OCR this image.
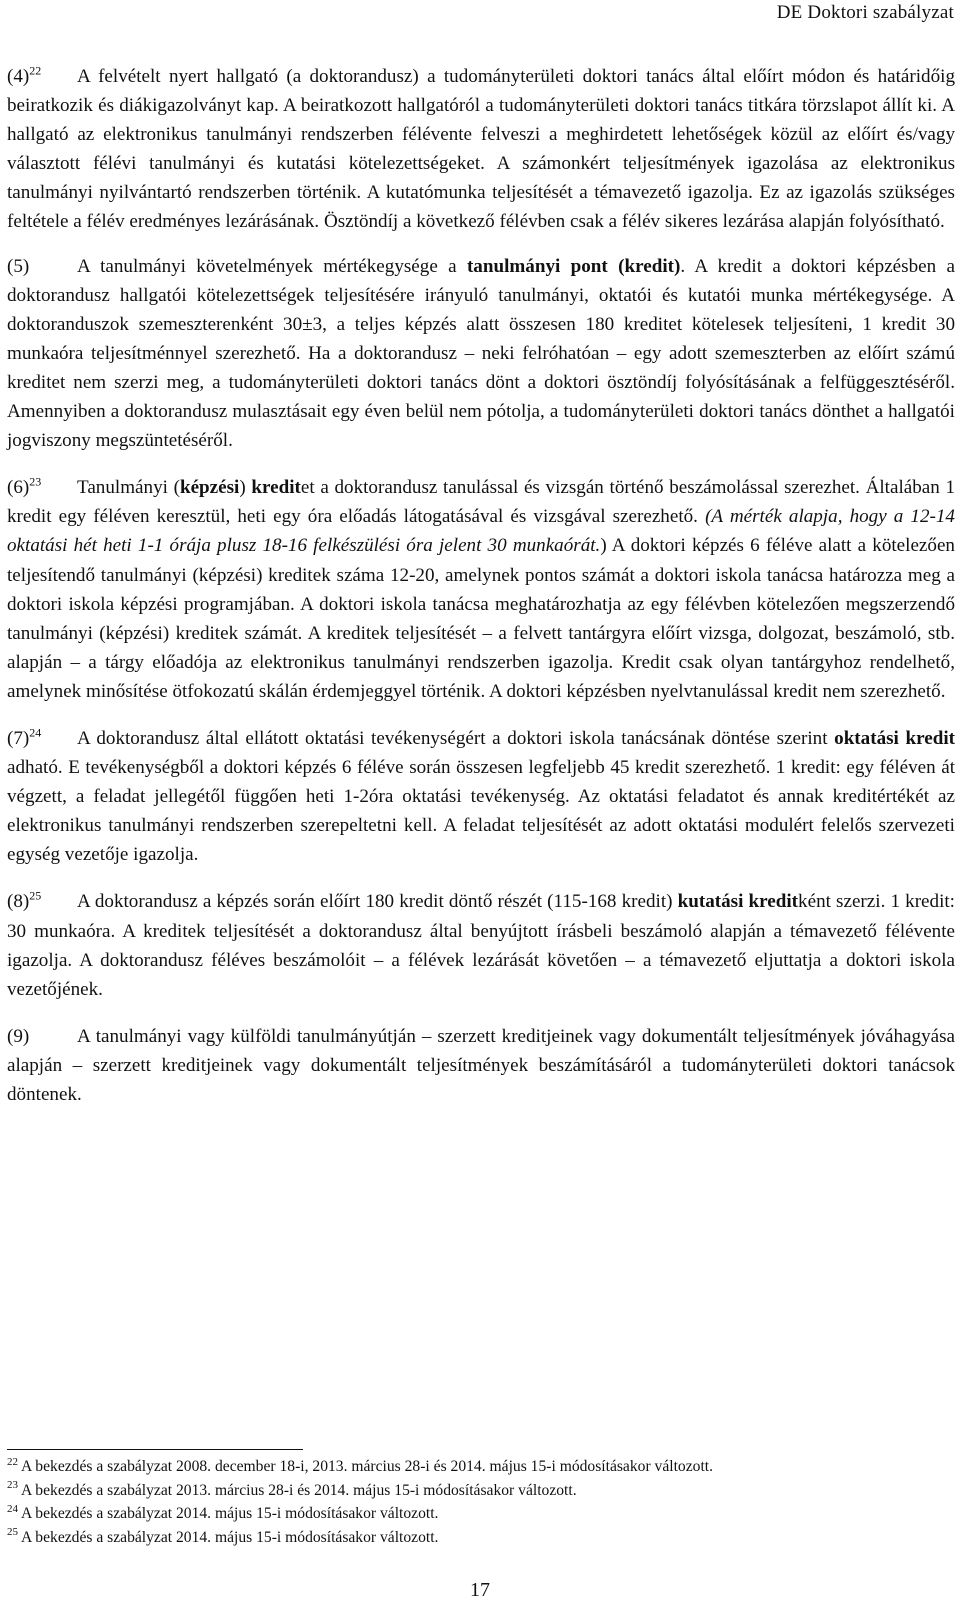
DE Doktori szabályzat

$(4)^{22}$ A felvételt nyert hallgató (a doktorandusz) a tudományterületi doktori tanács által előírt módon és határidőig beiratkozik és diákigazolványt kap. A beiratkozott hallgatóról a tudományterületi doktori tanács titkára törzslapot állít ki. A hallgató az elektronikus tanulmányi rendszerben félévente felveszi a meghirdetett lehetőségek közül az előírt és/vagy választott félévi tanulmányi és kutatási kötelezettségeket. A számonkért teljesítmények igazolása az elektronikus tanulmányi nyilvántartó rendszerben történik. A kutatómunka teljesítését a témavezető igazolja. Ez az igazolás szükséges feltétele a félév eredményes lezárásának. Ösztöndíj a következő félévben csak a félév sikeres lezárása alapján folyósítható.

(5) A tanulmányi követelmények mértékegysége a tanulmányi pont (kredit). A kredit a doktori képzésben a doktorandusz hallgatói kötelezettségek teljesítésére irányuló tanulmányi, oktatói és kutatói munka mértékegysége. A doktoranduszok szemeszterenként 30±3, a teljes képzés alatt összesen 180 kreditet kötelesek teljesíteni, 1 kredit 30 munkaóra teljesítménnyel szerezhető. Ha a doktorandusz – neki felróhatóan – egy adott szemeszterben az előírt számú kreditet nem szerzi meg, a tudományterületi doktori tanács dönt a doktori ösztöndíj folyósításának a felfüggesztéséről. Amennyiben a doktorandusz mulasztásait egy éven belül nem pótolja, a tudományterületi doktori tanács dönthet a hallgatói jogviszony megszüntetéséről.

$(6)^{23}$ Tanulmányi (képzési) kreditet a doktorandusz tanulással és vizsgán történő beszámolással szerezhet. Általában 1 kredit egy féléven keresztül, heti egy óra előadás látogatásával és vizsgával szerezhető. (A mérték alapja, hogy a 12-14 oktatási hét heti 1-1 órája plusz 18-16 felkészülési óra jelent 30 munkaórát.) A doktori képzés 6 féléve alatt a kötelezően teljesítendő tanulmányi (képzési) kreditek száma 12-20, amelynek pontos számát a doktori iskola tanácsa határozza meg a doktori iskola képzési programjában. A doktori iskola tanácsa meghatározhatja az egy félévben kötelezően megszerzendő tanulmányi (képzési) kreditek számát. A kreditek teljesítését – a felvett tantárgyra előírt vizsga, dolgozat, beszámoló, stb. alapján – a tárgy előadója az elektronikus tanulmányi rendszerben igazolja. Kredit csak olyan tantárgyhoz rendelhető, amelynek minősítése ötfokozatú skálán érdemjeggyel történik. A doktori képzésben nyelvtanulással kredit nem szerezhető.

$(7)^{24}$ A doktorandusz által ellátott oktatási tevékenységért a doktori iskola tanácsának döntése szerint oktatási kredit adható. E tevékenységből a doktori képzés 6 féléve során összesen legfeljebb 45 kredit szerezhető. 1 kredit: egy féléven át végzett, a feladat jellegétől függően heti 1-2óra oktatási tevékenység. Az oktatási feladatot és annak kreditértékét az elektronikus tanulmányi rendszerben szerepeltetni kell. A feladat teljesítését az adott oktatási modulért felelős szervezeti egység vezetője igazolja.

$(8)^{25}$ A doktorandusz a képzés során előírt 180 kredit döntő részét (115-168 kredit) kutatási kreditként szerzi. 1 kredit: 30 munkaóra. A kreditek teljesítését a doktorandusz által benyújtott írásbeli beszámoló alapján a témavezető félévente igazolja. A doktorandusz féléves beszámolóit – a félévek lezárását követően – a témavezető eljuttatja a doktori iskola vezetőjének.

(9) A tanulmányi vagy külföldi tanulmányútján – szerzett kreditjeinek vagy dokumentált teljesítmények jóváhagyása alapján – szerzett kreditjeinek vagy dokumentált teljesítmények beszámításáról a tudományterületi doktori tanácsok döntenek.

$^{22}$ A bekezdés a szabályzat 2008. december 18-i, 2013. március 28-i és 2014. május 15-i módosításakor változott.

$^{23}$ A bekezdés a szabályzat 2013. március 28-i és 2014. május 15-i módosításakor változott.

$^{24}$ A bekezdés a szabályzat 2014. május 15-i módosításakor változott.

$^{25}$ A bekezdés a szabályzat 2014. május 15-i módosításakor változott.

17
